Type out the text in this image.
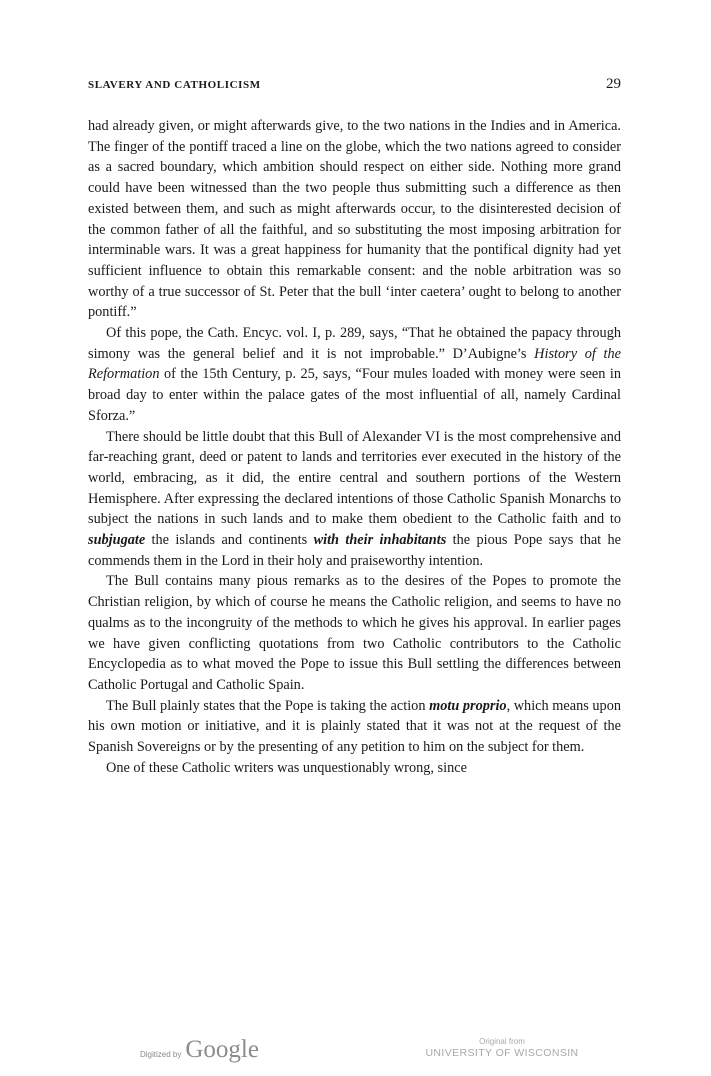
SLAVERY AND CATHOLICISM	29

had already given, or might afterwards give, to the two nations in the Indies and in America. The finger of the pontiff traced a line on the globe, which the two nations agreed to consider as a sacred boundary, which ambition should respect on either side. Nothing more grand could have been witnessed than the two people thus submitting such a difference as then existed between them, and such as might afterwards occur, to the disinterested decision of the common father of all the faithful, and so substituting the most imposing arbitration for interminable wars. It was a great happiness for humanity that the pontifical dignity had yet sufficient influence to obtain this remarkable consent: and the noble arbitration was so worthy of a true successor of St. Peter that the bull ‘inter caetera’ ought to belong to another pontiff.”

Of this pope, the Cath. Encyc. vol. I, p. 289, says, “That he obtained the papacy through simony was the general belief and it is not improbable.” D’Aubigne’s History of the Reformation of the 15th Century, p. 25, says, “Four mules loaded with money were seen in broad day to enter within the palace gates of the most influential of all, namely Cardinal Sforza.”

There should be little doubt that this Bull of Alexander VI is the most comprehensive and far-reaching grant, deed or patent to lands and territories ever executed in the history of the world, embracing, as it did, the entire central and southern portions of the Western Hemisphere. After expressing the declared intentions of those Catholic Spanish Monarchs to subject the nations in such lands and to make them obedient to the Catholic faith and to subjugate the islands and continents with their inhabitants the pious Pope says that he commends them in the Lord in their holy and praiseworthy intention.

The Bull contains many pious remarks as to the desires of the Popes to promote the Christian religion, by which of course he means the Catholic religion, and seems to have no qualms as to the incongruity of the methods to which he gives his approval. In earlier pages we have given conflicting quotations from two Catholic contributors to the Catholic Encyclopedia as to what moved the Pope to issue this Bull settling the differences between Catholic Portugal and Catholic Spain.

The Bull plainly states that the Pope is taking the action motu proprio, which means upon his own motion or initiative, and it is plainly stated that it was not at the request of the Spanish Sovereigns or by the presenting of any petition to him on the subject for them.

One of these Catholic writers was unquestionably wrong, since

Digitized by Google	Original from
UNIVERSITY OF WISCONSIN
